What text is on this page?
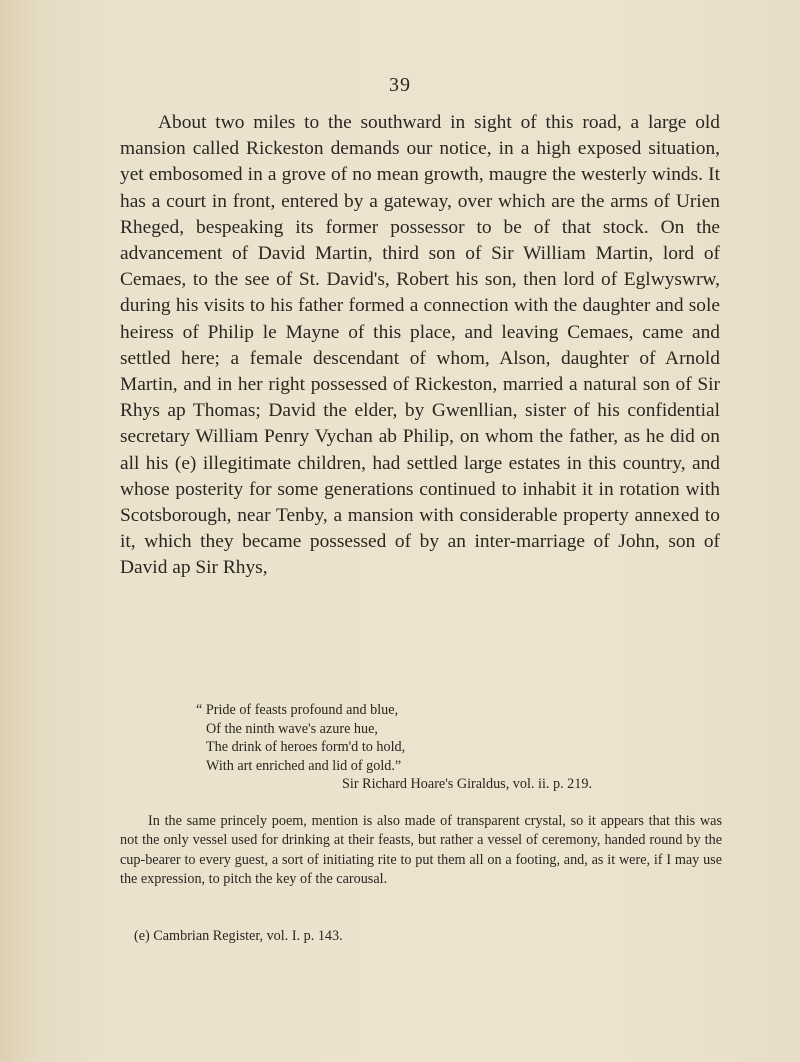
39

About two miles to the southward in sight of this road, a large old mansion called Rickeston demands our notice, in a high exposed situation, yet embosomed in a grove of no mean growth, maugre the westerly winds. It has a court in front, entered by a gateway, over which are the arms of Urien Rheged, bespeaking its former possessor to be of that stock. On the advancement of David Martin, third son of Sir William Martin, lord of Cemaes, to the see of St. David's, Robert his son, then lord of Eglwyswrw, during his visits to his father formed a connection with the daughter and sole heiress of Philip le Mayne of this place, and leaving Cemaes, came and settled here; a female descendant of whom, Alson, daughter of Arnold Martin, and in her right possessed of Rickeston, married a natural son of Sir Rhys ap Thomas; David the elder, by Gwenllian, sister of his confidential secretary William Penry Vychan ab Philip, on whom the father, as he did on all his (e) illegitimate children, had settled large estates in this country, and whose posterity for some generations continued to inhabit it in rotation with Scotsborough, near Tenby, a mansion with considerable property annexed to it, which they became possessed of by an inter-marriage of John, son of David ap Sir Rhys,

“ Pride of feasts profound and blue,
Of the ninth wave's azure hue,
The drink of heroes form'd to hold,
With art enriched and lid of gold.”
Sir Richard Hoare's Giraldus, vol. ii. p. 219.

In the same princely poem, mention is also made of transparent crystal, so it appears that this was not the only vessel used for drinking at their feasts, but rather a vessel of ceremony, handed round by the cup-bearer to every guest, a sort of initiating rite to put them all on a footing, and, as it were, if I may use the expression, to pitch the key of the carousal.

(e) Cambrian Register, vol. I. p. 143.
